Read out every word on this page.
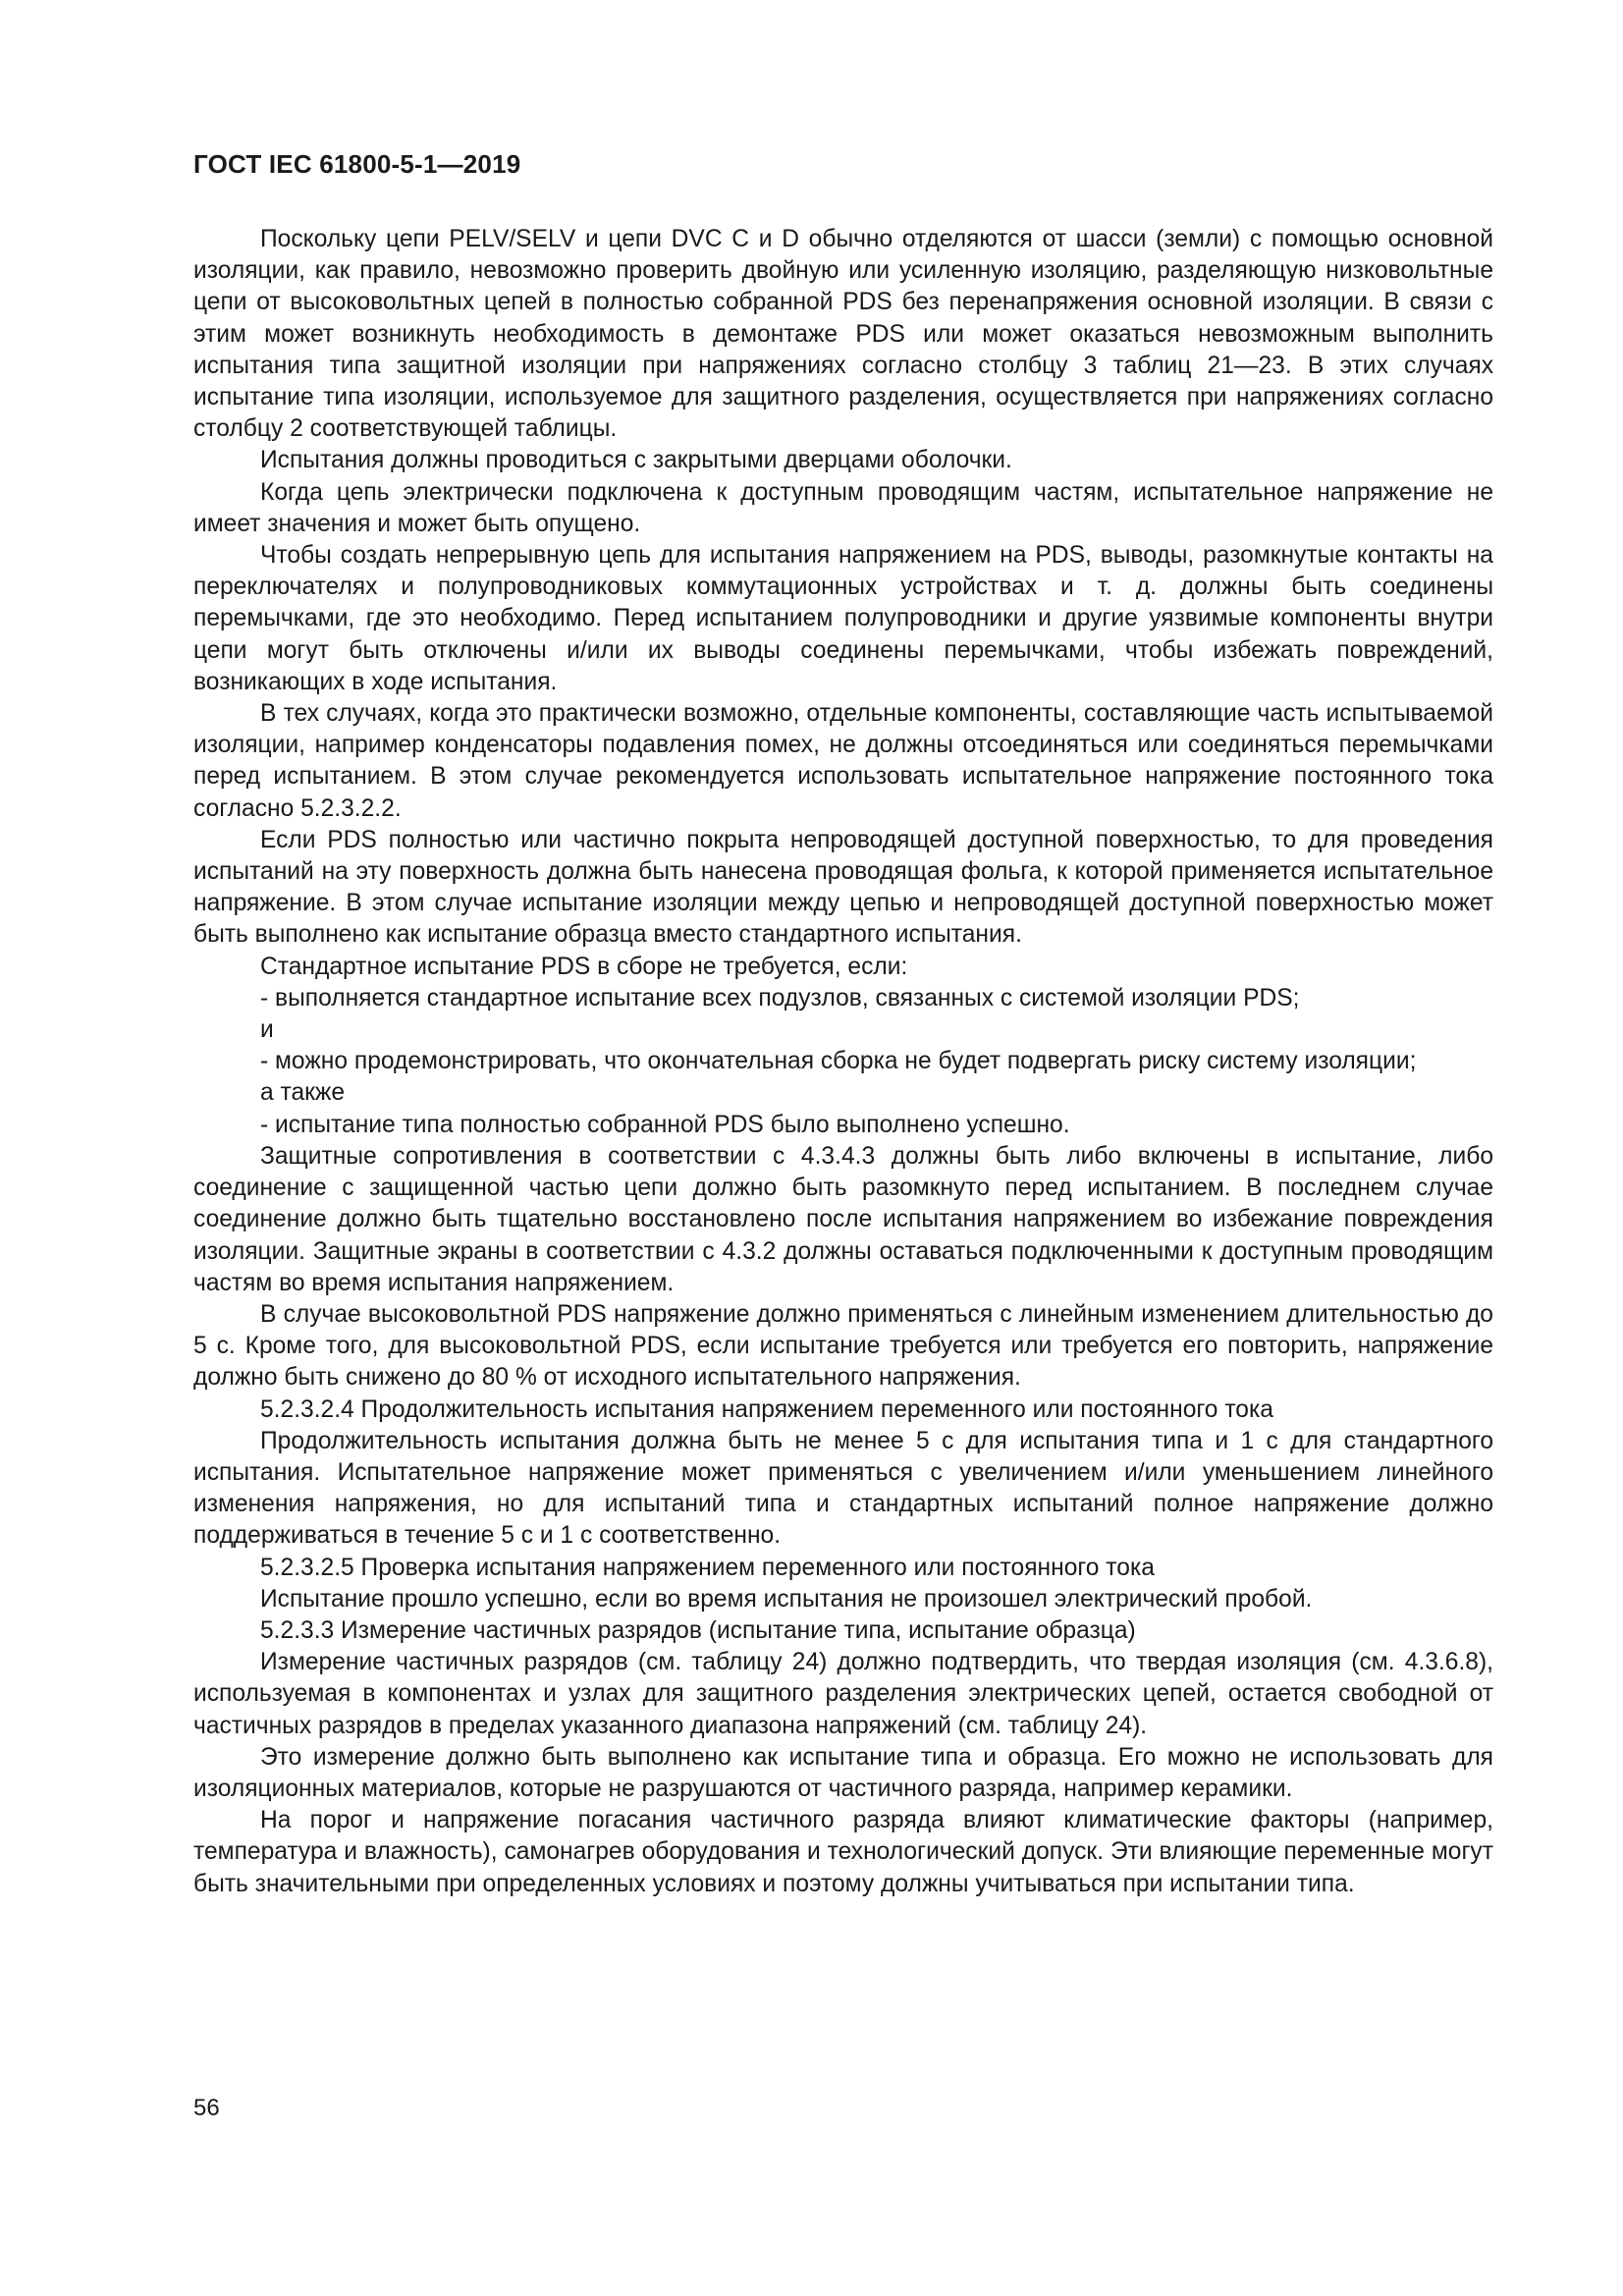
ГОСТ IEC 61800-5-1—2019

Поскольку цепи PELV/SELV и цепи DVC C и D обычно отделяются от шасси (земли) с помощью основной изоляции, как правило, невозможно проверить двойную или усиленную изоляцию, разделяющую низковольтные цепи от высоковольтных цепей в полностью собранной PDS без перенапряжения основной изоляции. В связи с этим может возникнуть необходимость в демонтаже PDS или может оказаться невозможным выполнить испытания типа защитной изоляции при напряжениях согласно столбцу 3 таблиц 21—23. В этих случаях испытание типа изоляции, используемое для защитного разделения, осуществляется при напряжениях согласно столбцу 2 соответствующей таблицы.

Испытания должны проводиться с закрытыми дверцами оболочки.

Когда цепь электрически подключена к доступным проводящим частям, испытательное напряжение не имеет значения и может быть опущено.

Чтобы создать непрерывную цепь для испытания напряжением на PDS, выводы, разомкнутые контакты на переключателях и полупроводниковых коммутационных устройствах и т. д. должны быть соединены перемычками, где это необходимо. Перед испытанием полупроводники и другие уязвимые компоненты внутри цепи могут быть отключены и/или их выводы соединены перемычками, чтобы избежать повреждений, возникающих в ходе испытания.

В тех случаях, когда это практически возможно, отдельные компоненты, составляющие часть испытываемой изоляции, например конденсаторы подавления помех, не должны отсоединяться или соединяться перемычками перед испытанием. В этом случае рекомендуется использовать испытательное напряжение постоянного тока согласно 5.2.3.2.2.

Если PDS полностью или частично покрыта непроводящей доступной поверхностью, то для проведения испытаний на эту поверхность должна быть нанесена проводящая фольга, к которой применяется испытательное напряжение. В этом случае испытание изоляции между цепью и непроводящей доступной поверхностью может быть выполнено как испытание образца вместо стандартного испытания.

Стандартное испытание PDS в сборе не требуется, если:

- выполняется стандартное испытание всех подузлов, связанных с системой изоляции PDS;

и

- можно продемонстрировать, что окончательная сборка не будет подвергать риску систему изоляции;

а также

- испытание типа полностью собранной PDS было выполнено успешно.

Защитные сопротивления в соответствии с 4.3.4.3 должны быть либо включены в испытание, либо соединение с защищенной частью цепи должно быть разомкнуто перед испытанием. В последнем случае соединение должно быть тщательно восстановлено после испытания напряжением во избежание повреждения изоляции. Защитные экраны в соответствии с 4.3.2 должны оставаться подключенными к доступным проводящим частям во время испытания напряжением.

В случае высоковольтной PDS напряжение должно применяться с линейным изменением длительностью до 5 с. Кроме того, для высоковольтной PDS, если испытание требуется или требуется его повторить, напряжение должно быть снижено до 80 % от исходного испытательного напряжения.

5.2.3.2.4 Продолжительность испытания напряжением переменного или постоянного тока

Продолжительность испытания должна быть не менее 5 с для испытания типа и 1 с для стандартного испытания. Испытательное напряжение может применяться с увеличением и/или уменьшением линейного изменения напряжения, но для испытаний типа и стандартных испытаний полное напряжение должно поддерживаться в течение 5 с и 1 с соответственно.

5.2.3.2.5 Проверка испытания напряжением переменного или постоянного тока

Испытание прошло успешно, если во время испытания не произошел электрический пробой.

5.2.3.3 Измерение частичных разрядов (испытание типа, испытание образца)

Измерение частичных разрядов (см. таблицу 24) должно подтвердить, что твердая изоляция (см. 4.3.6.8), используемая в компонентах и узлах для защитного разделения электрических цепей, остается свободной от частичных разрядов в пределах указанного диапазона напряжений (см. таблицу 24).

Это измерение должно быть выполнено как испытание типа и образца. Его можно не использовать для изоляционных материалов, которые не разрушаются от частичного разряда, например керамики.

На порог и напряжение погасания частичного разряда влияют климатические факторы (например, температура и влажность), самонагрев оборудования и технологический допуск. Эти влияющие переменные могут быть значительными при определенных условиях и поэтому должны учитываться при испытании типа.

56
